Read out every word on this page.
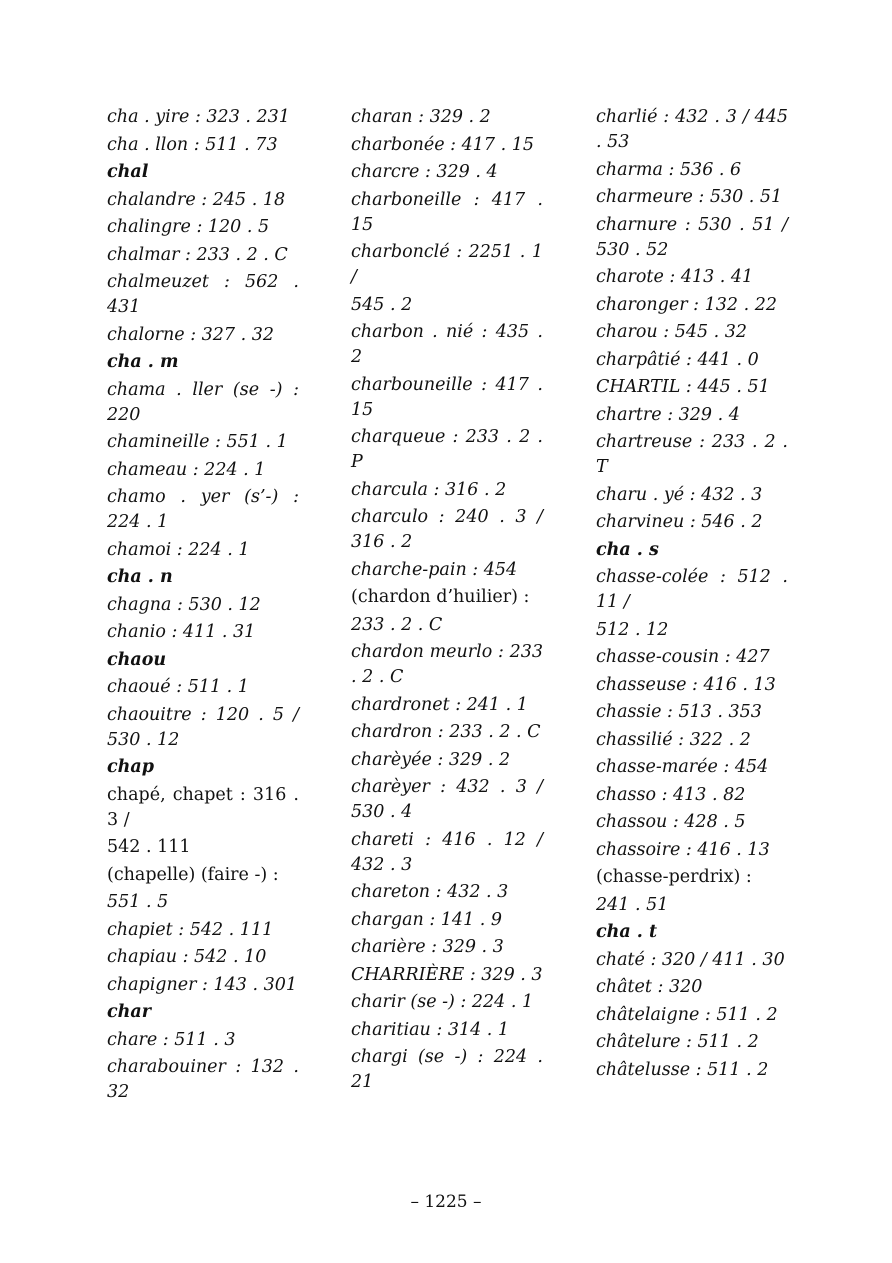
cha . yire : 323 . 231
cha . llon : 511 . 73
chal
chalandre : 245 . 18
chalingre : 120 . 5
chalmar : 233 . 2 . C
chalmeuzet : 562 . 431
chalorne : 327 . 32
cha . m
chama . ller (se -) : 220
chamineille : 551 . 1
chameau : 224 . 1
chamo . yer (s’-) : 224 . 1
chamoi : 224 . 1
cha . n
chagna : 530 . 12
chanio : 411 . 31
chaou
chaoué : 511 . 1
chaouitre : 120 . 5 / 530 . 12
chap
chapé, chapet : 316 . 3 /
542 . 111
(chapelle) (faire -) :
551 . 5
chapiet : 542 . 111
chapiau : 542 . 10
chapigner : 143 . 301
char
chare : 511 . 3
charabouiner : 132 . 32
charan : 329 . 2
charbonée : 417 . 15
charcre : 329 . 4
charboneille : 417 . 15
charbonclé : 2251 . 1 /
545 . 2
charbon . nié : 435 . 2
charbouneille : 417 . 15
charqueue : 233 . 2 . P
charcula : 316 . 2
charculo : 240 . 3 / 316 . 2
charche-pain : 454
(chardon d’huilier) :
233 . 2 . C
chardon meurlo : 233 . 2 . C
chardronet : 241 . 1
chardron : 233 . 2 . C
charèyée : 329 . 2
charèyer : 432 . 3 / 530 . 4
chareti : 416 . 12 / 432 . 3
chareton : 432 . 3
chargan : 141 . 9
charière : 329 . 3
CHARRIÈRE : 329 . 3
charir (se -) : 224 . 1
charitiau : 314 . 1
chargi (se -) : 224 . 21
charlié : 432 . 3 / 445 . 53
charma : 536 . 6
charmeure : 530 . 51
charnure : 530 . 51 / 530 . 52
charote : 413 . 41
charonger : 132 . 22
charou : 545 . 32
charpâtié : 441 . 0
CHARTIL : 445 . 51
chartre : 329 . 4
chartreuse : 233 . 2 . T
charu . yé : 432 . 3
charvineu : 546 . 2
cha . s
chasse-colée : 512 . 11 /
512 . 12
chasse-cousin : 427
chasseuse : 416 . 13
chassie : 513 . 353
chassilié : 322 . 2
chasse-marée : 454
chasso : 413 . 82
chassou : 428 . 5
chassoire : 416 . 13
(chasse-perdrix) :
241 . 51
cha . t
chaté : 320 / 411 . 30
châtet : 320
châtelaigne : 511 . 2
châtelure : 511 . 2
châtelusse : 511 . 2
– 1225 –
